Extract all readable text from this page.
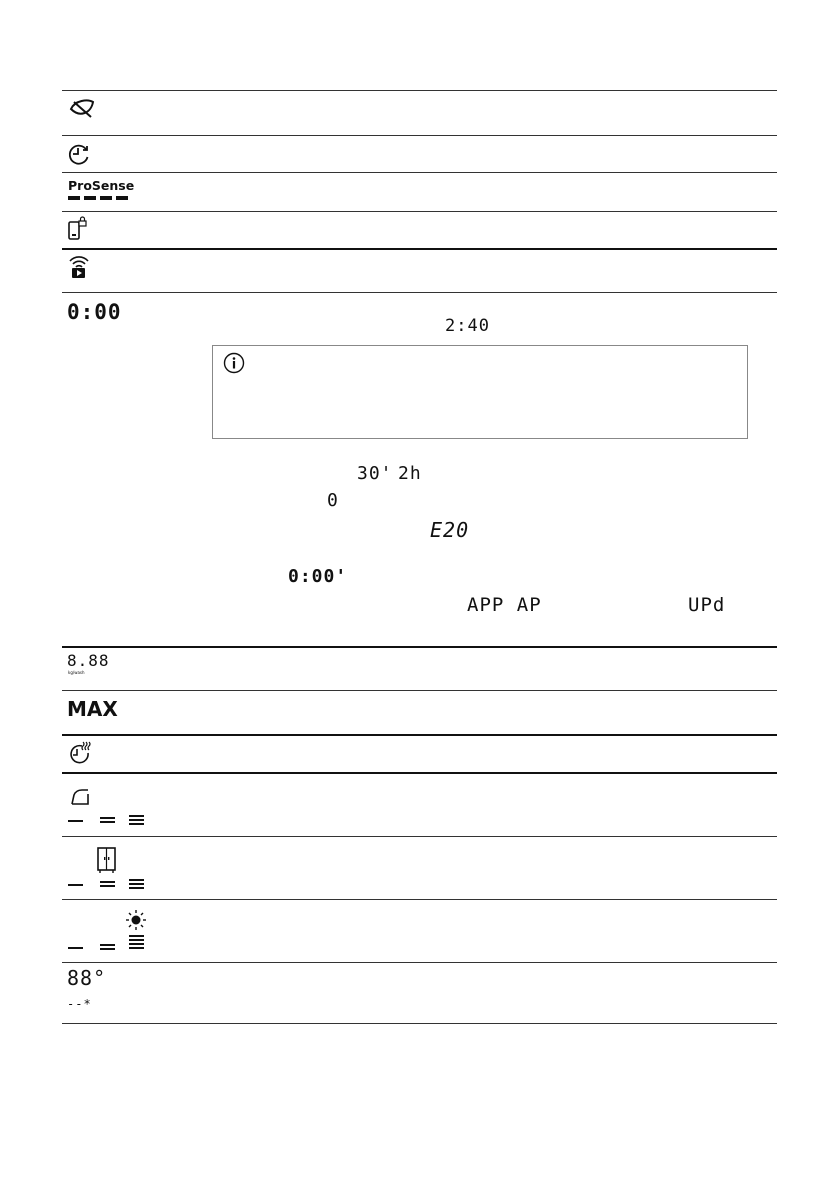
ProSense
0:00
2:40
30' 2h
0
E20
0:00'
APP AP	UPd
8.88
kg/wash
MAX
88°
--*
